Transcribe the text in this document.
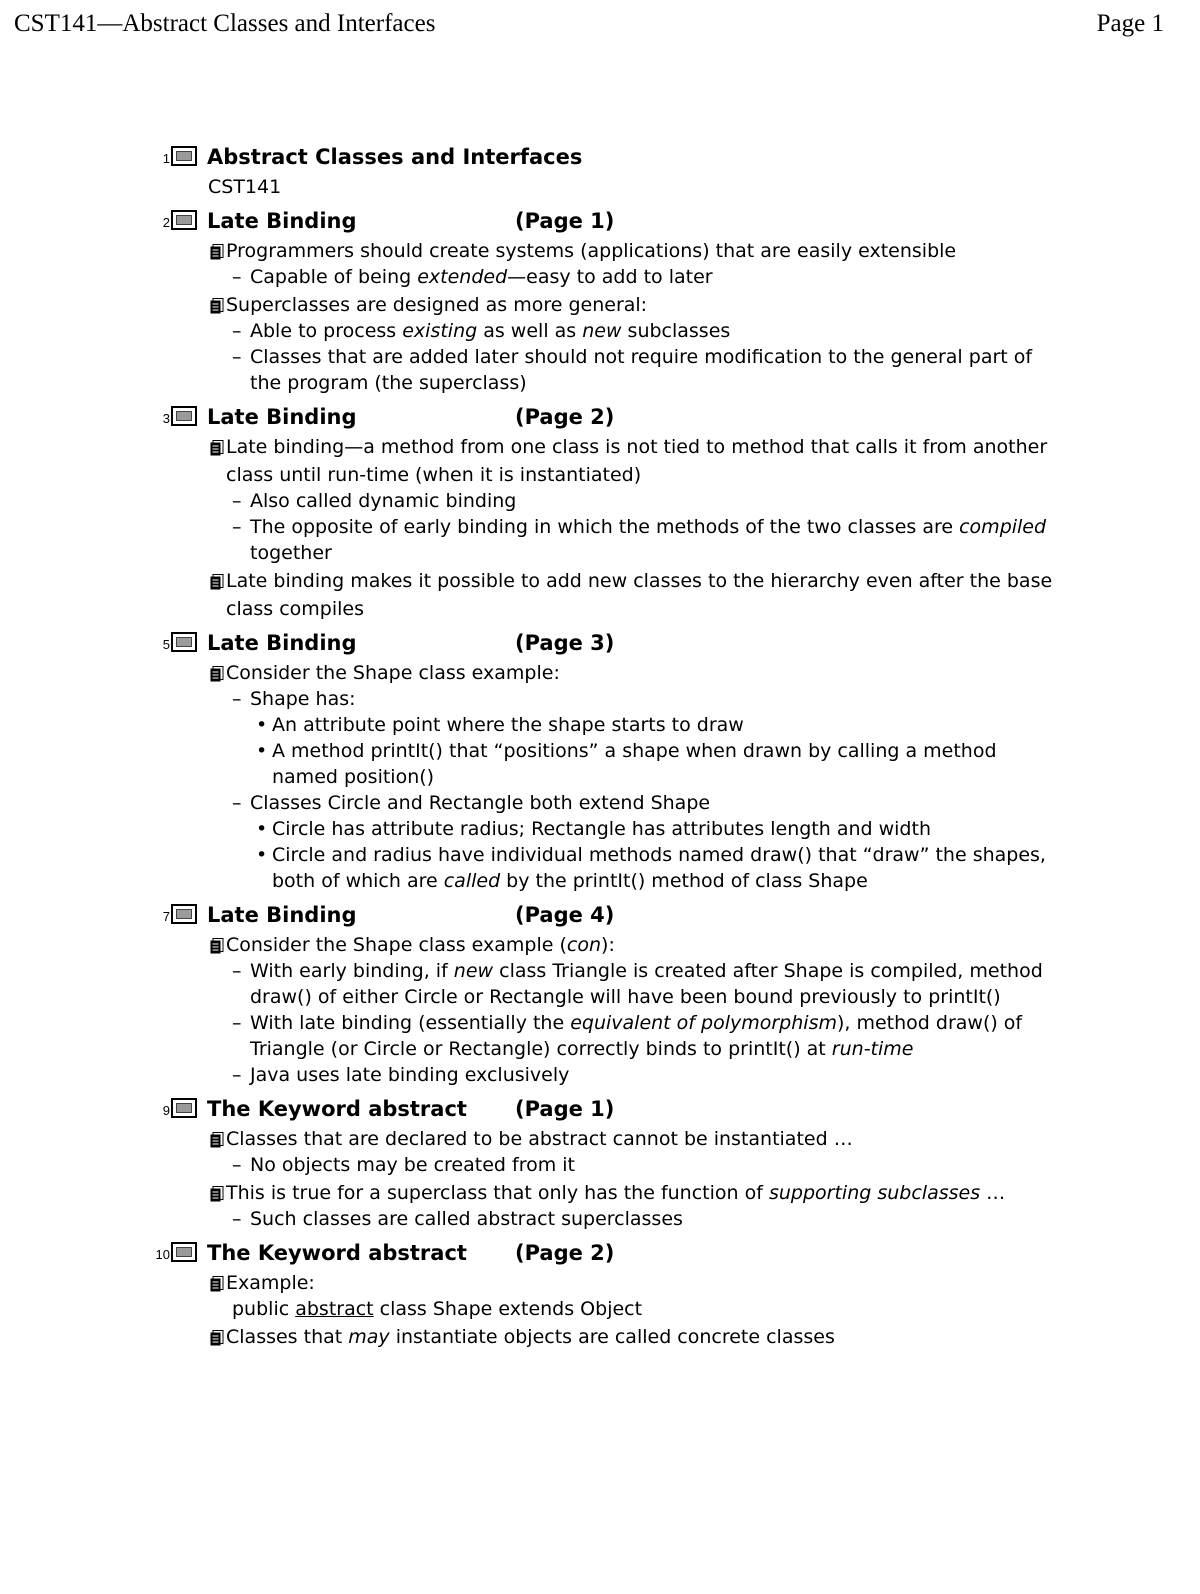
CST141—Abstract Classes and Interfaces	Page 1
1 Abstract Classes and Interfaces
CST141
2 Late Binding	(Page 1)
Programmers should create systems (applications) that are easily extensible
– Capable of being extended—easy to add to later
Superclasses are designed as more general:
– Able to process existing as well as new subclasses
– Classes that are added later should not require modification to the general part of
the program (the superclass)
3 Late Binding	(Page 2)
Late binding—a method from one class is not tied to method that calls it from another
class until run-time (when it is instantiated)
– Also called dynamic binding
– The opposite of early binding in which the methods of the two classes are compiled
together
Late binding makes it possible to add new classes to the hierarchy even after the base
class compiles
5 Late Binding	(Page 3)
Consider the Shape class example:
– Shape has:
• An attribute point where the shape starts to draw
• A method printIt() that “positions” a shape when drawn by calling a method
named position()
– Classes Circle and Rectangle both extend Shape
• Circle has attribute radius; Rectangle has attributes length and width
• Circle and radius have individual methods named draw() that “draw” the shapes,
both of which are called by the printIt() method of class Shape
7 Late Binding	(Page 4)
Consider the Shape class example (con):
– With early binding, if new class Triangle is created after Shape is compiled, method
draw() of either Circle or Rectangle will have been bound previously to printIt()
– With late binding (essentially the equivalent of polymorphism), method draw() of
Triangle (or Circle or Rectangle) correctly binds to printIt() at run-time
– Java uses late binding exclusively
9 The Keyword abstract (Page 1)
Classes that are declared to be abstract cannot be instantiated …
– No objects may be created from it
This is true for a superclass that only has the function of supporting subclasses …
– Such classes are called abstract superclasses
10 The Keyword abstract (Page 2)
Example:
public abstract class Shape extends Object
Classes that may instantiate objects are called concrete classes
